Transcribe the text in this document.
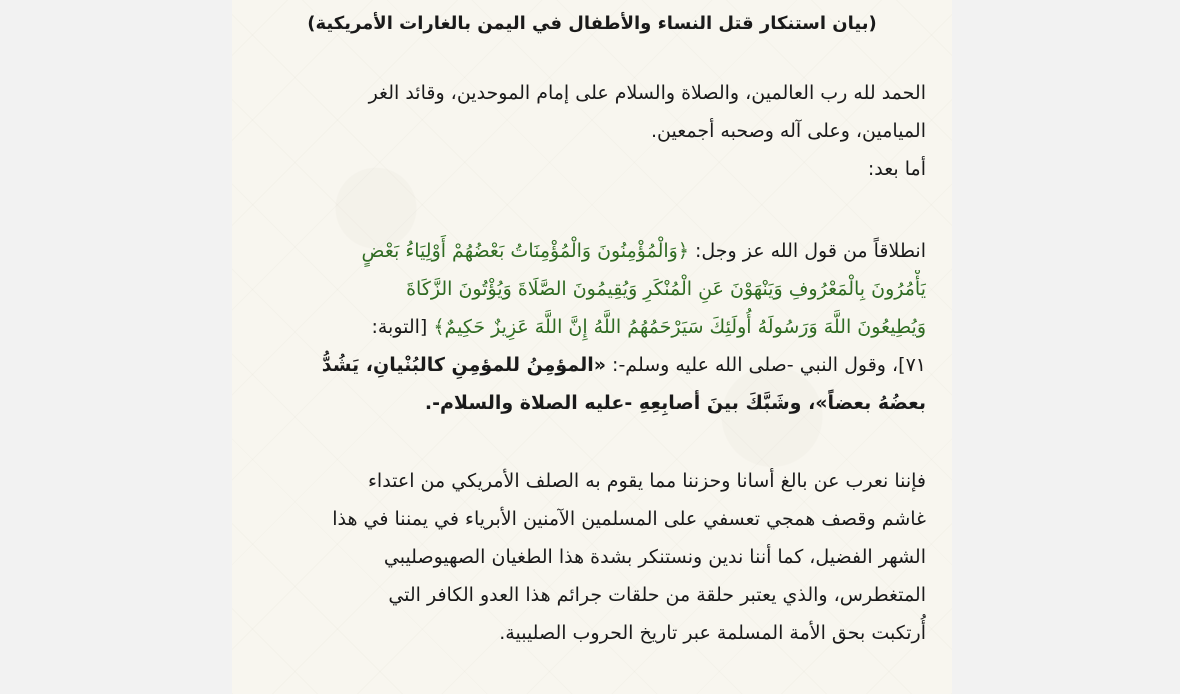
(بيان استنكار قتل النساء والأطفال في اليمن بالغارات الأمريكية)
الحمد لله رب العالمين، والصلاة والسلام على إمام الموحدين، وقائد الغر
الميامين، وعلى آله وصحبه أجمعين.
أما بعد:
انطلاقاً من قول الله عز وجل: ﴿وَالْمُؤْمِنُونَ وَالْمُؤْمِنَاتُ بَعْضُهُمْ أَوْلِيَاءُ بَعْضٍ
يَأْمُرُونَ بِالْمَعْرُوفِ وَيَنْهَوْنَ عَنِ الْمُنْكَرِ وَيُقِيمُونَ الصَّلَاةَ وَيُؤْتُونَ الزَّكَاةَ
وَيُطِيعُونَ اللَّهَ وَرَسُولَهُ أُولَئِكَ سَيَرْحَمُهُمُ اللَّهُ إِنَّ اللَّهَ عَزِيزٌ حَكِيمٌ﴾ [التوبة:
٧١]، وقول النبي -صلى الله عليه وسلم-: «المؤمِنُ للمؤمِنِ كالبُنْيانِ، يَشُدُّ
بعضُهُ بعضاً»، وشَبَّكَ بينَ أصابِعِهِ -عليه الصلاة والسلام-.
فإننا نعرب عن بالغ أسانا وحزننا مما يقوم به الصلف الأمريكي من اعتداء
غاشم وقصف همجي تعسفي على المسلمين الآمنين الأبرياء في يمننا في هذا
الشهر الفضيل، كما أننا ندين ونستنكر بشدة هذا الطغيان الصهيوصليبي
المتغطرس، والذي يعتبر حلقة من حلقات جرائم هذا العدو الكافر التي
أُرتكبت بحق الأمة المسلمة عبر تاريخ الحروب الصليبية.
